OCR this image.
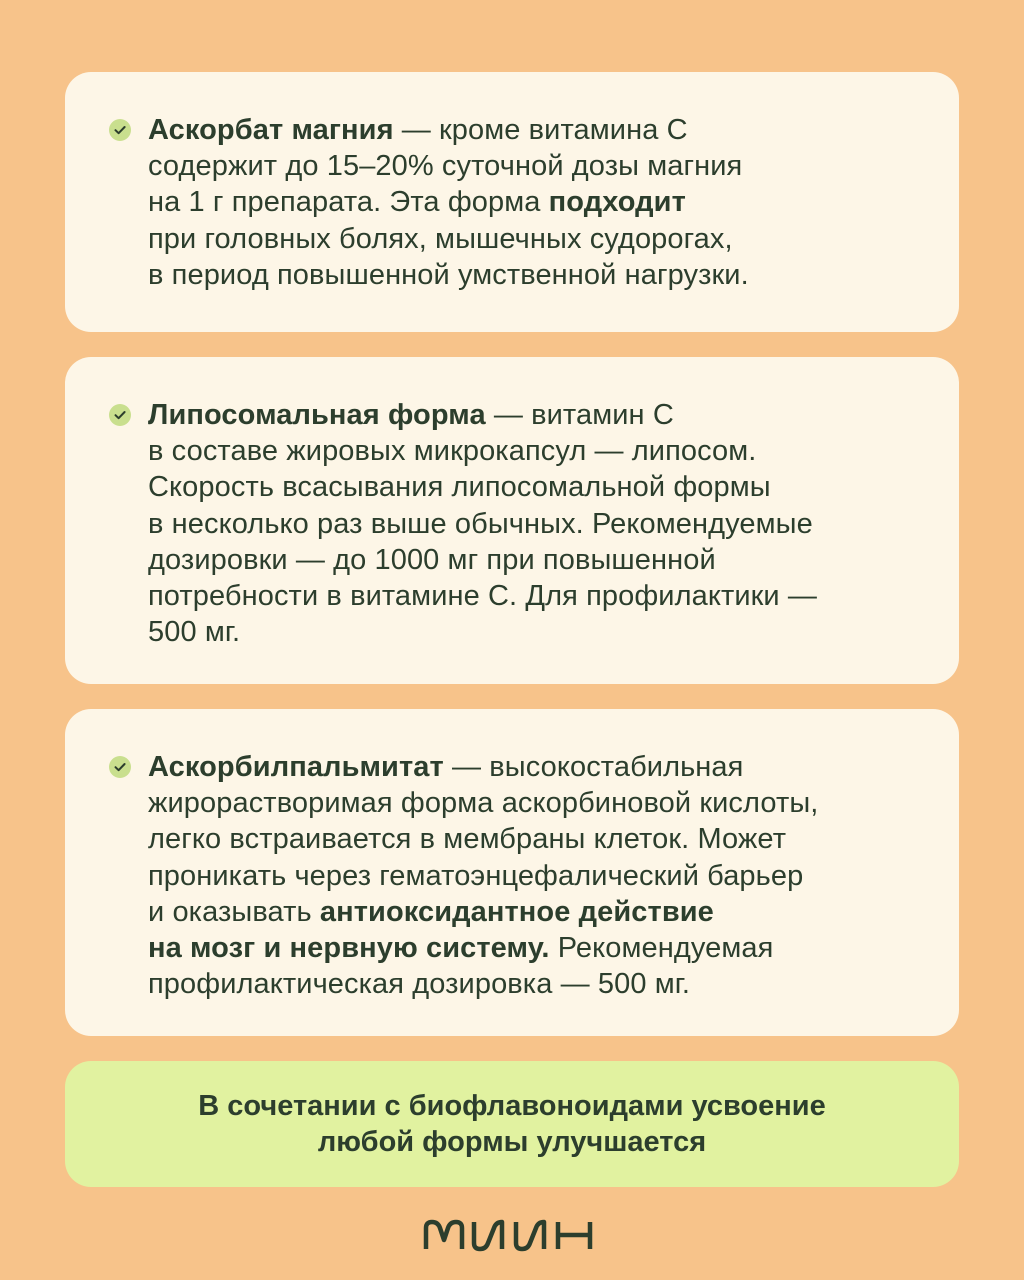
Аскорбат магния — кроме витамина С
содержит до 15–20% суточной дозы магния
на 1 г препарата. Эта форма подходит
при головных болях, мышечных судорогах,
в период повышенной умственной нагрузки.

Липосомальная форма — витамин С
в составе жировых микрокапсул — липосом.
Скорость всасывания липосомальной формы
в несколько раз выше обычных. Рекомендуемые
дозировки — до 1000 мг при повышенной
потребности в витамине С. Для профилактики —
500 мг.

Аскорбилпальмитат — высокостабильная
жирорастворимая форма аскорбиновой кислоты,
легко встраивается в мембраны клеток. Может
проникать через гематоэнцефалический барьер
и оказывать антиоксидантное действие
на мозг и нервную систему. Рекомендуемая
профилактическая дозировка — 500 мг.

В сочетании с биофлавоноидами усвоение
любой формы улучшается
